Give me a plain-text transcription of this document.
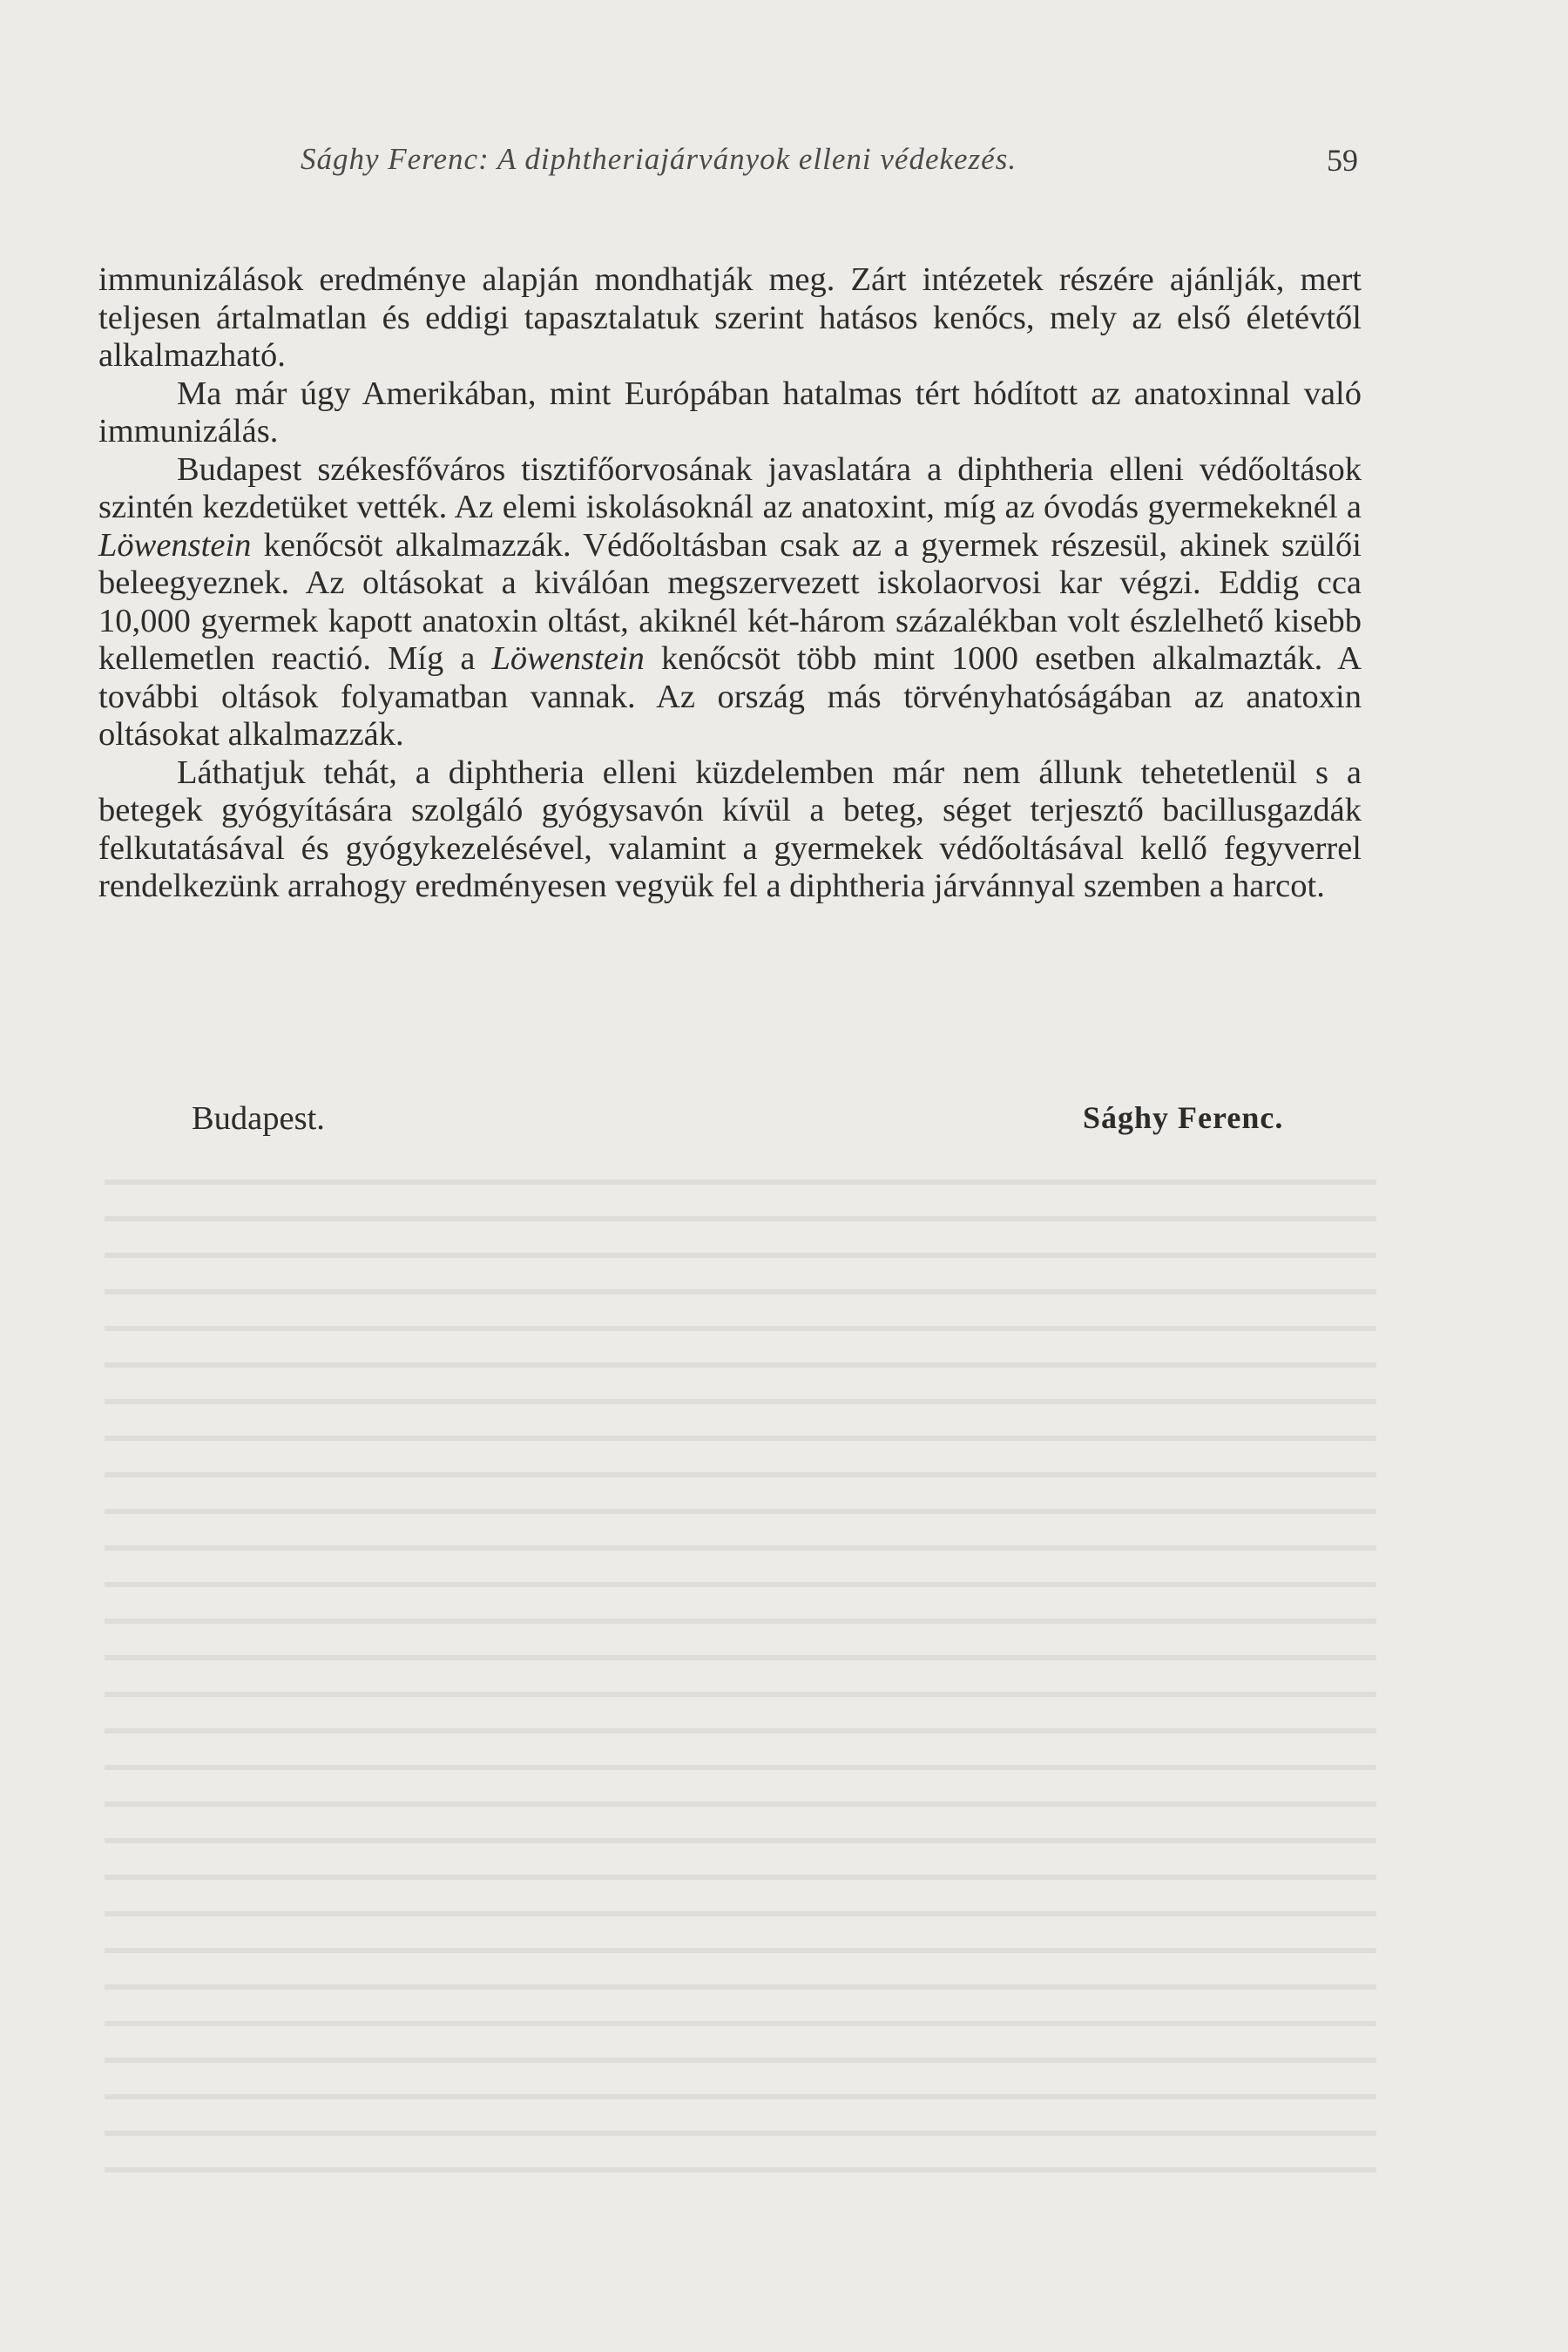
Sághy Ferenc: A diphtheriajárványok elleni védekezés.	59

immunizálások eredménye alapján mondhatják meg. Zárt intézetek részére ajánlják, mert teljesen ártalmatlan és eddigi tapasztalatuk szerint hatásos kenőcs, mely az első életévtől alkalmazható.

Ma már úgy Amerikában, mint Európában hatalmas tért hódított az anatoxinnal való immunizálás.

Budapest székesfőváros tisztifőorvosának javaslatára a diphtheria elleni védőoltások szintén kezdetüket vették. Az elemi iskolásoknál az anatoxint, míg az óvodás gyermekeknél a Löwenstein kenőcsöt alkalmazzák. Védőoltásban csak az a gyermek részesül, akinek szülői beleegyeznek. Az oltásokat a kiválóan megszervezett iskolaorvosi kar végzi. Eddig cca 10,000 gyermek kapott anatoxin oltást, akiknél két-három százalékban volt észlelhető kisebb kellemetlen reactió. Míg a Löwenstein kenőcsöt több mint 1000 esetben alkalmazták. A további oltások folyamatban vannak. Az ország más törvényhatóságában az anatoxin oltásokat alkalmazzák.

Láthatjuk tehát, a diphtheria elleni küzdelemben már nem állunk tehetetlenül s a betegek gyógyítására szolgáló gyógysavón kívül a beteg, séget terjesztő bacillusgazdák felkutatásával és gyógykezelésével, valamint a gyermekek védőoltásával kellő fegyverrel rendelkezünk arrahogy eredményesen vegyük fel a diphtheria járvánnyal szemben a harcot.

Budapest.	Sághy Ferenc.
